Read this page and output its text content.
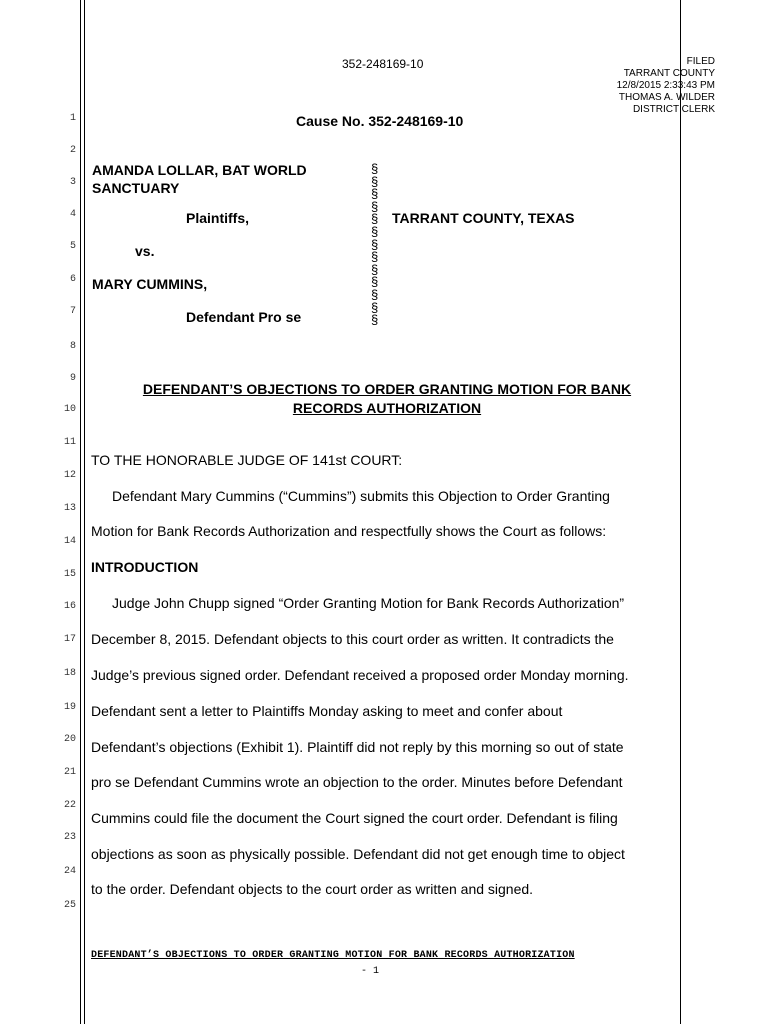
1
2
3
4
5
6
7
8
9
10
11
12
13
14
15
16
17
18
19
20
21
22
23
24
25
352-248169-10	FILED
TARRANT COUNTY
12/8/2015 2:33:43 PM
THOMAS A. WILDER
DISTRICT CLERK
Cause No. 352-248169-10
AMANDA LOLLAR, BAT WORLD
SANCTUARY
Plaintiffs,
vs.
MARY CUMMINS,
Defendant Pro se
§
§
§
§
§
§
§
§
§
§
§
§
§
TARRANT COUNTY, TEXAS
DEFENDANT’S OBJECTIONS TO ORDER GRANTING MOTION FOR BANK
RECORDS AUTHORIZATION
TO THE HONORABLE JUDGE OF 141st COURT:
Defendant Mary Cummins (“Cummins”) submits this Objection to Order Granting
Motion for Bank Records Authorization and respectfully shows the Court as follows:
INTRODUCTION
Judge John Chupp signed “Order Granting Motion for Bank Records Authorization”
December 8, 2015. Defendant objects to this court order as written. It contradicts the
Judge’s previous signed order. Defendant received a proposed order Monday morning.
Defendant sent a letter to Plaintiffs Monday asking to meet and confer about
Defendant’s objections (Exhibit 1). Plaintiff did not reply by this morning so out of state
pro se Defendant Cummins wrote an objection to the order. Minutes before Defendant
Cummins could file the document the Court signed the court order. Defendant is filing
objections as soon as physically possible. Defendant did not get enough time to object
to the order. Defendant objects to the court order as written and signed.
DEFENDANT’S OBJECTIONS TO ORDER GRANTING MOTION FOR BANK RECORDS AUTHORIZATION
- 1
